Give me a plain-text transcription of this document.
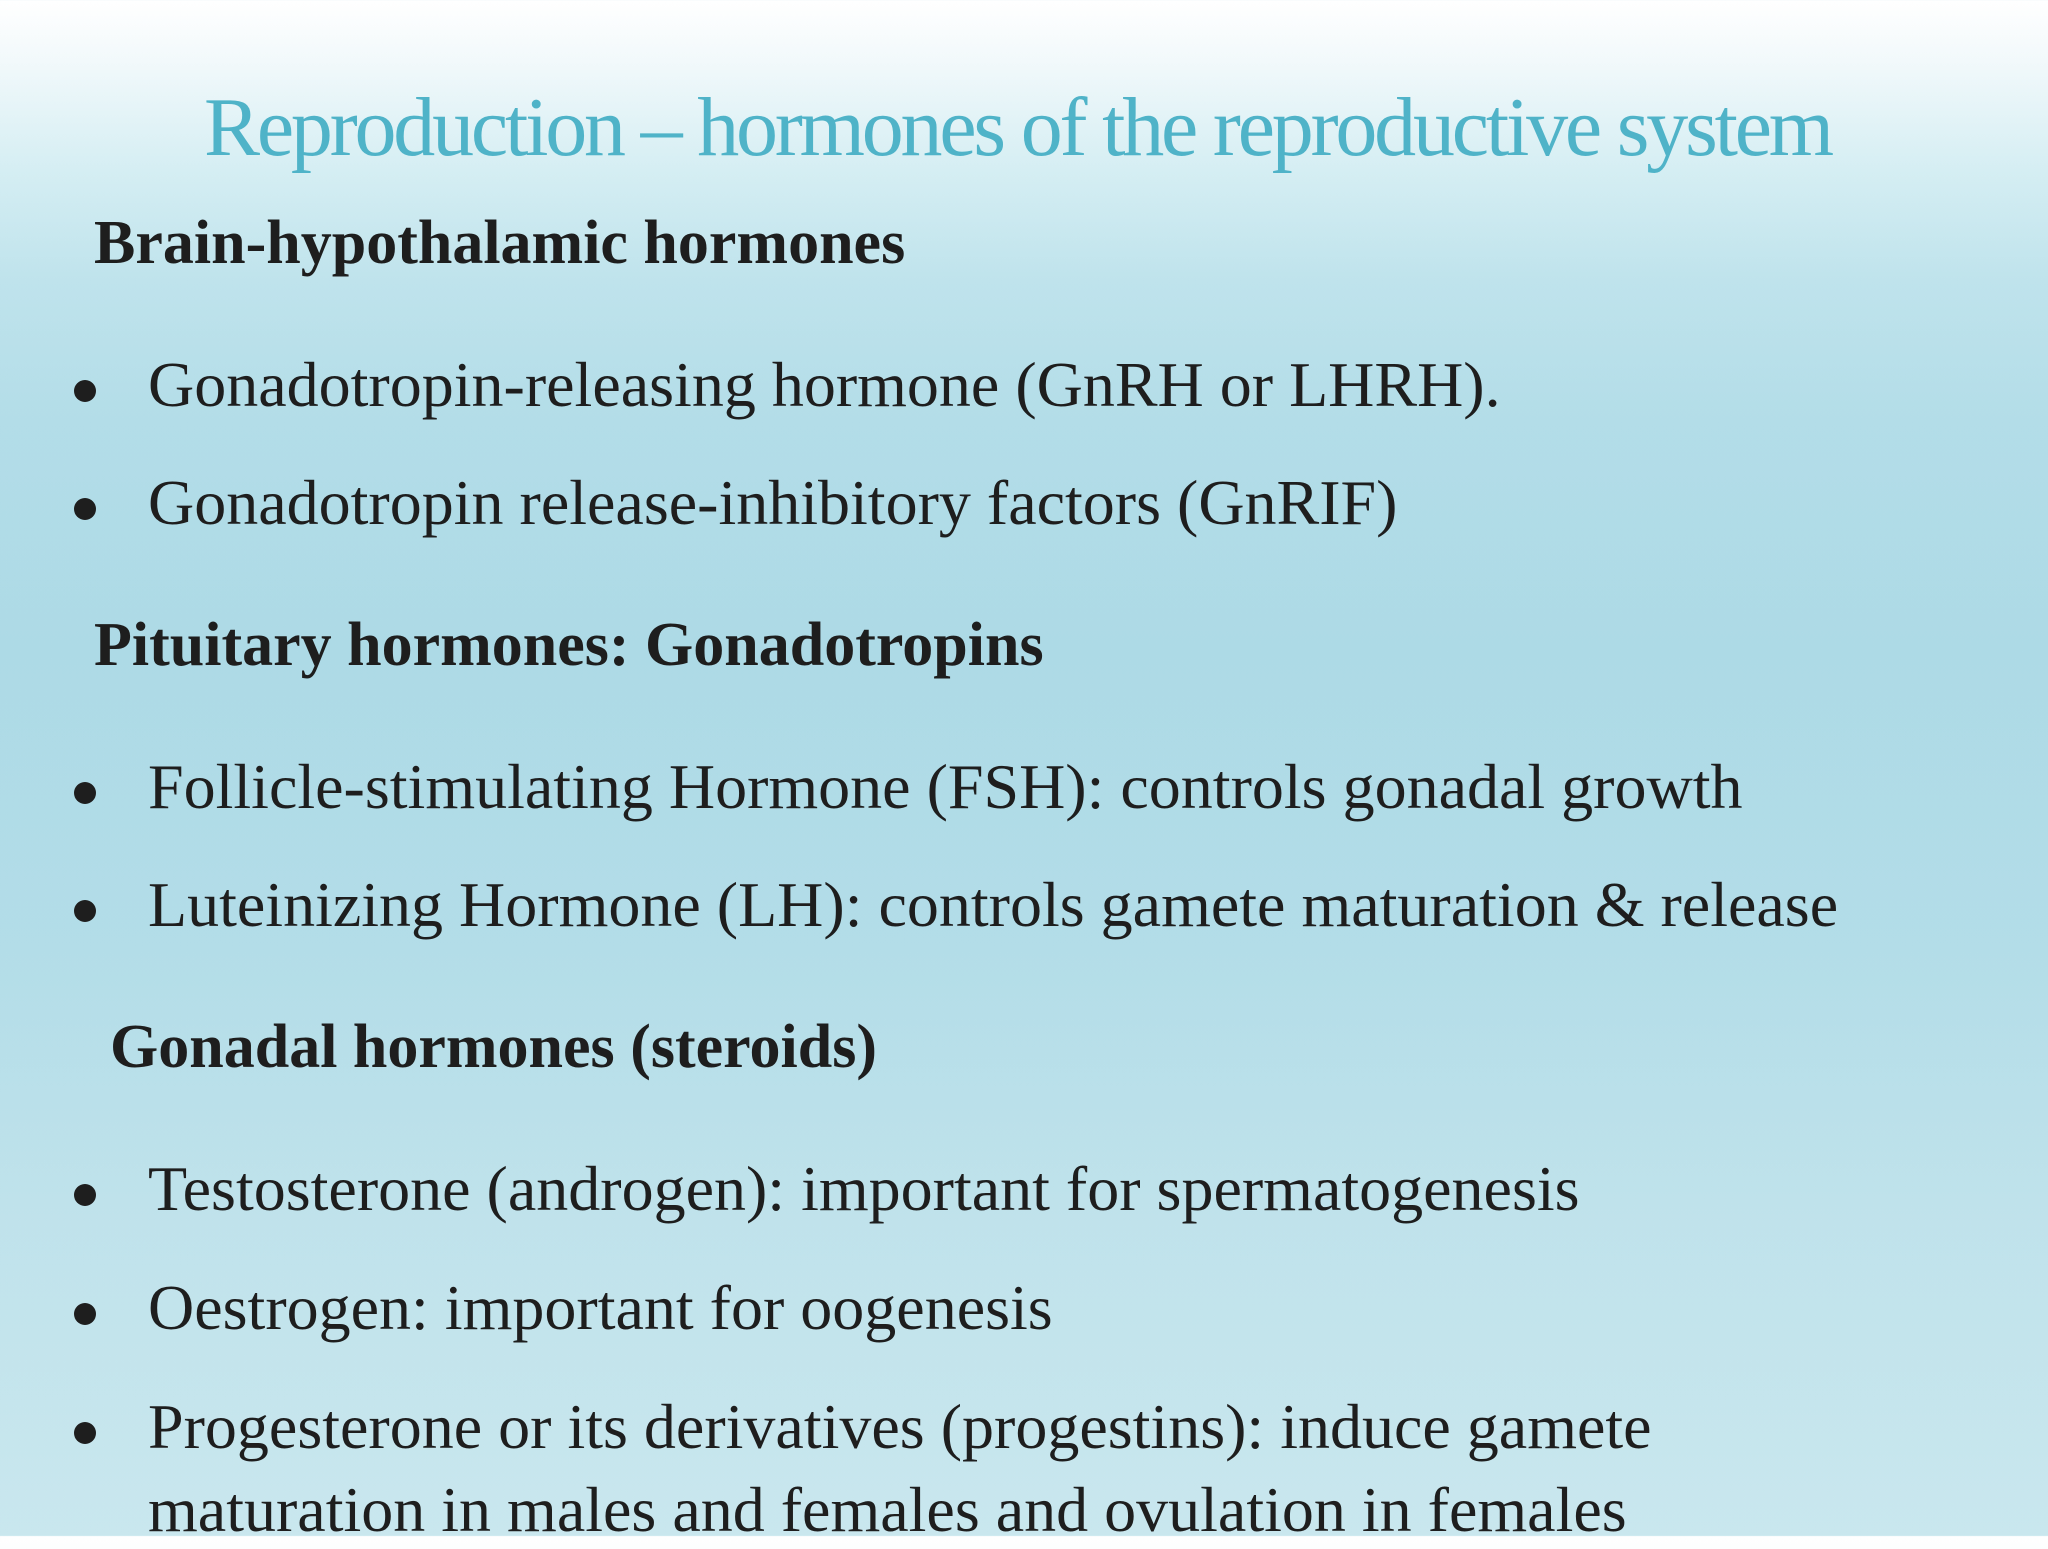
Reproduction – hormones of the reproductive system
Brain-hypothalamic hormones
Gonadotropin-releasing hormone (GnRH or LHRH).
Gonadotropin release-inhibitory factors (GnRIF)
Pituitary hormones: Gonadotropins
Follicle-stimulating Hormone (FSH): controls gonadal growth
Luteinizing Hormone (LH): controls gamete maturation & release
Gonadal hormones (steroids)
Testosterone (androgen): important for spermatogenesis
Oestrogen: important for oogenesis
Progesterone or its derivatives (progestins): induce gamete
maturation in males and females and ovulation in females
